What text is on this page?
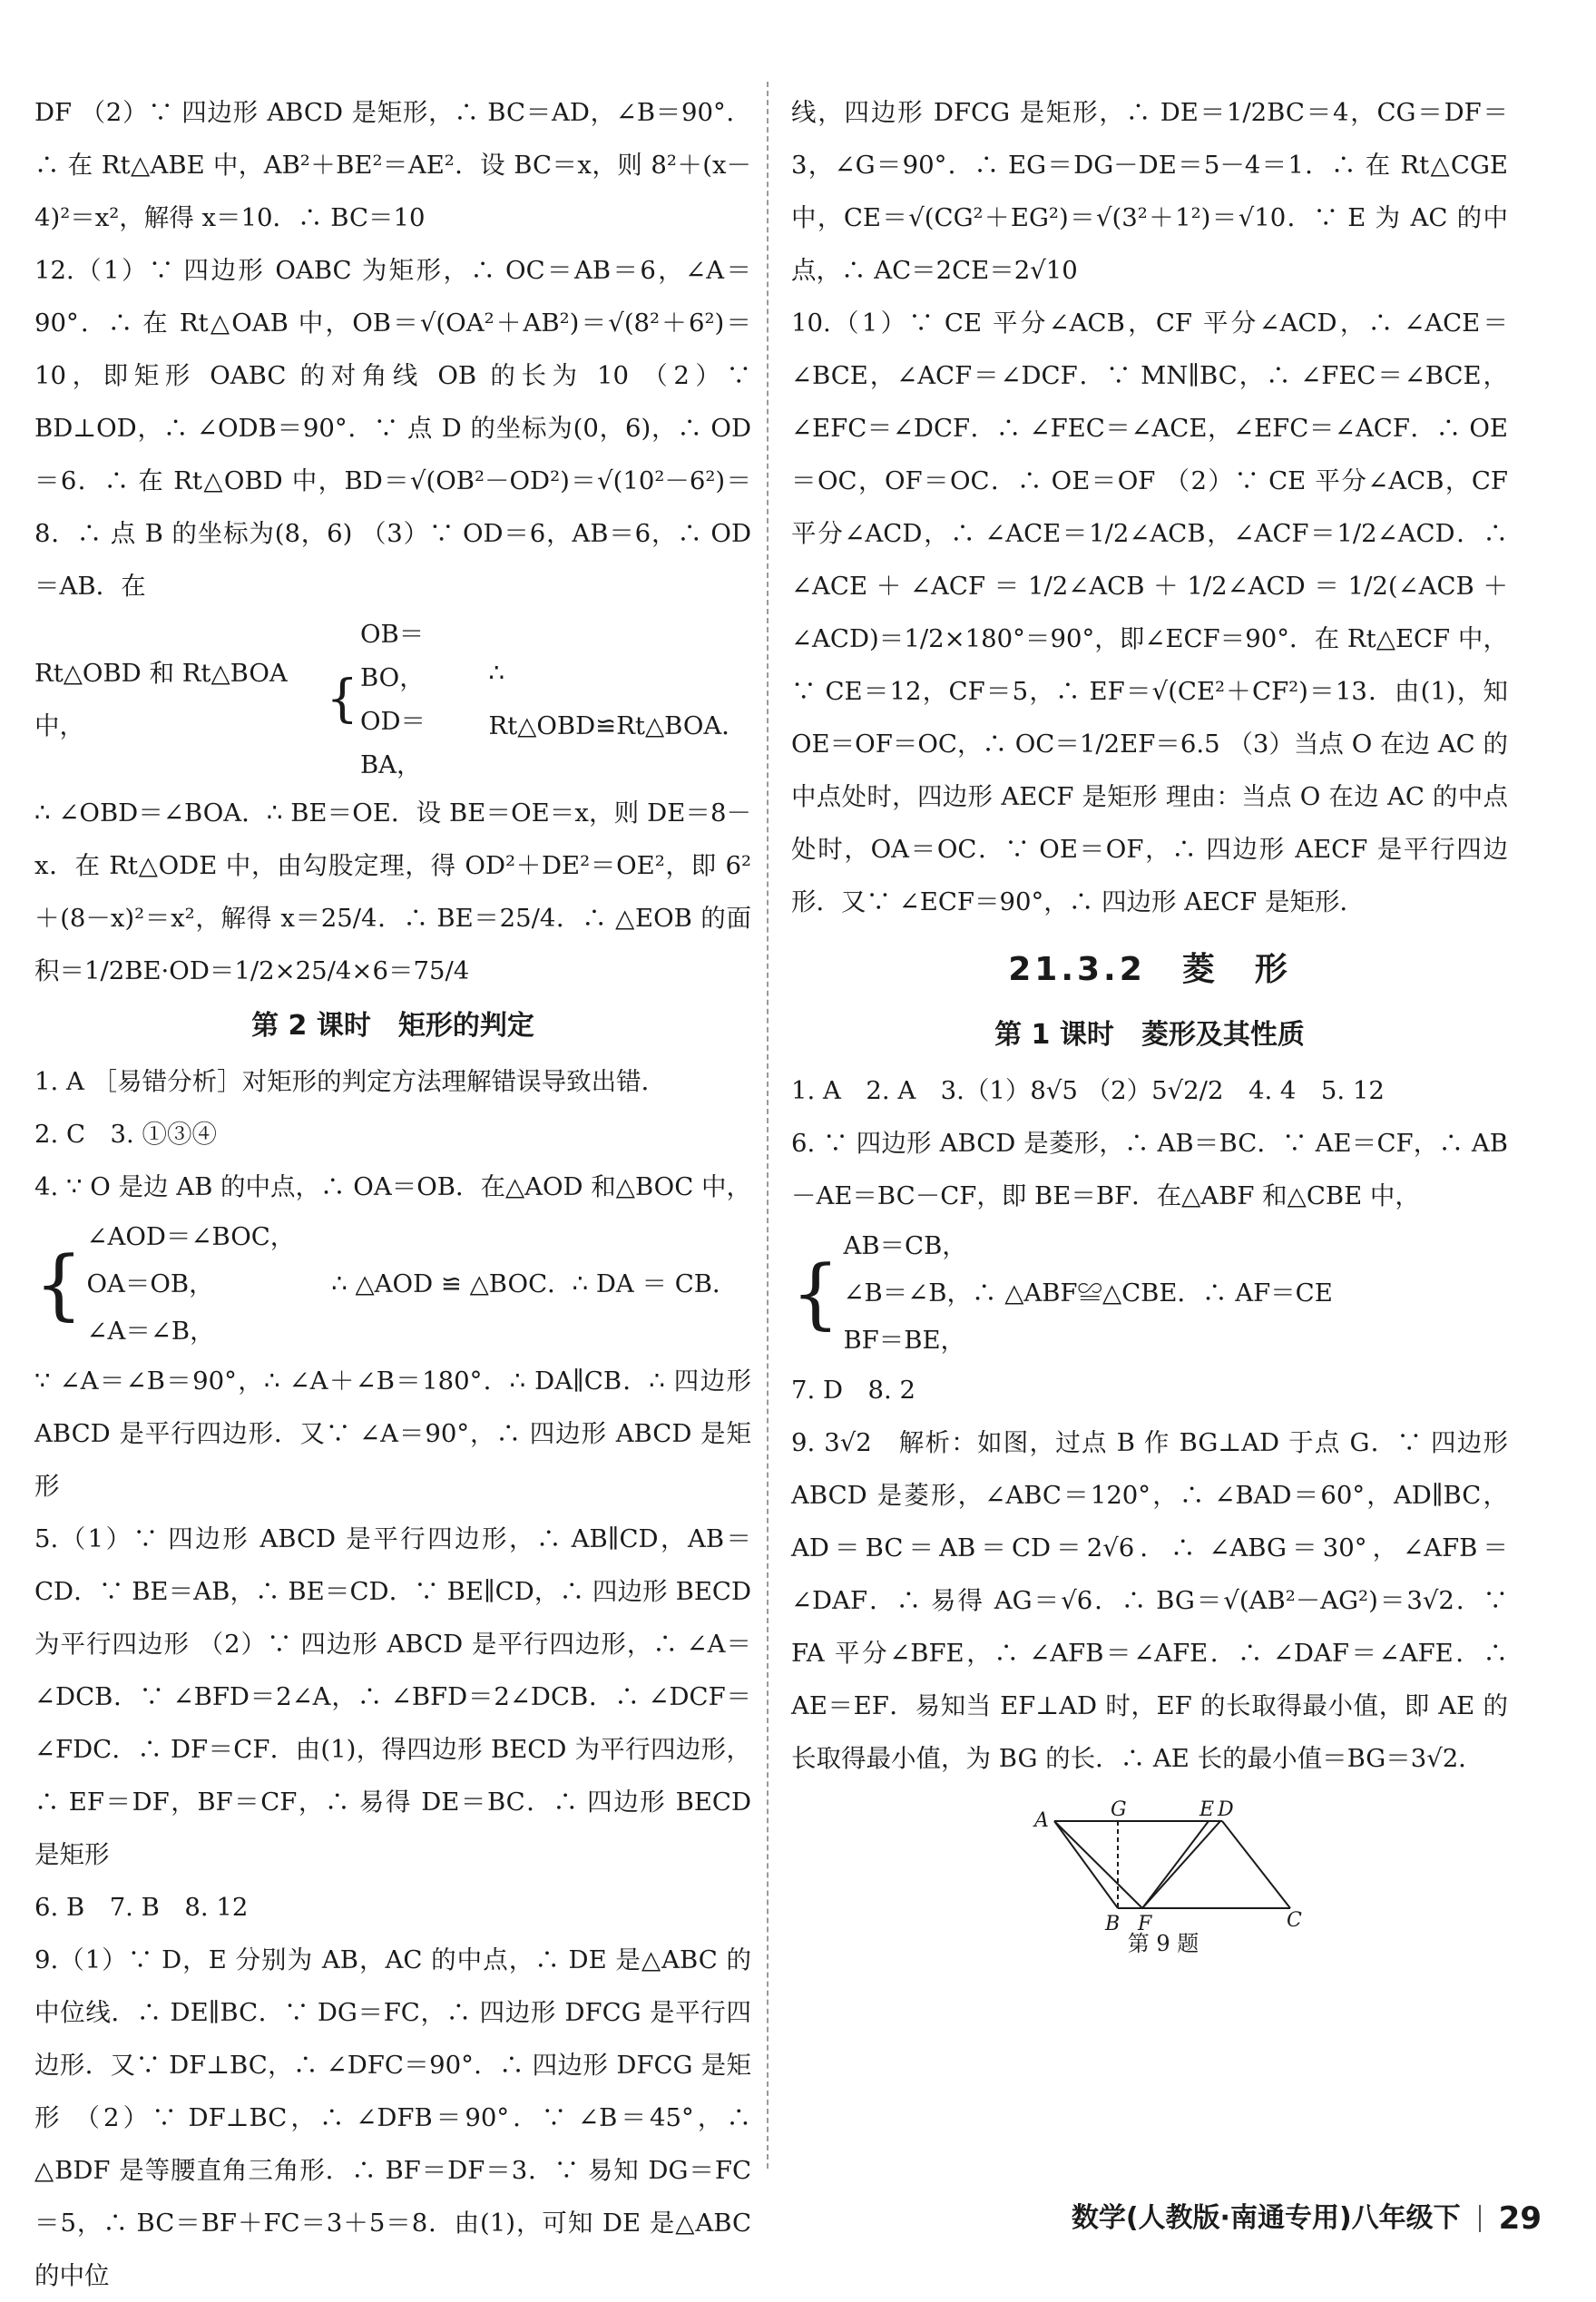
DF （2）∵ 四边形 ABCD 是矩形，∴ BC＝AD，∠B＝90°．∴ 在 Rt△ABE 中，AB²＋BE²＝AE²．设 BC＝x，则 8²＋(x－4)²＝x²，解得 x＝10．∴ BC＝10

12.（1）∵ 四边形 OABC 为矩形，∴ OC＝AB＝6，∠A＝90°．∴ 在 Rt△OAB 中，OB＝√(OA²＋AB²)＝√(8²＋6²)＝10，即矩形 OABC 的对角线 OB 的长为 10 （2）∵ BD⊥OD，∴ ∠ODB＝90°．∵ 点 D 的坐标为(0，6)，∴ OD＝6．∴ 在 Rt△OBD 中，BD＝√(OB²－OD²)＝√(10²－6²)＝8．∴ 点 B 的坐标为(8，6) （3）∵ OD＝6，AB＝6，∴ OD＝AB．在

Rt△OBD 和 Rt△BOA 中，	{
OB＝BO，
OD＝BA，
∴ Rt△OBD≌Rt△BOA．

∴ ∠OBD＝∠BOA．∴ BE＝OE．设 BE＝OE＝x，则 DE＝8－x．在 Rt△ODE 中，由勾股定理，得 OD²＋DE²＝OE²，即 6²＋(8－x)²＝x²，解得 x＝25/4．∴ BE＝25/4．∴ △EOB 的面积＝1/2BE·OD＝1/2×25/4×6＝75/4

第 2 课时　矩形的判定

1. A ［易错分析］对矩形的判定方法理解错误导致出错．

2. C　3. ①③④

4. ∵ O 是边 AB 的中点，∴ OA＝OB．在△AOD 和△BOC 中，

{
∠AOD＝∠BOC，
OA＝OB，
∠A＝∠B，
∴ △AOD ≌ △BOC．∴ DA ＝ CB．

∵ ∠A＝∠B＝90°，∴ ∠A＋∠B＝180°．∴ DA∥CB．∴ 四边形 ABCD 是平行四边形．又∵ ∠A＝90°，∴ 四边形 ABCD 是矩形

5.（1）∵ 四边形 ABCD 是平行四边形，∴ AB∥CD，AB＝CD．∵ BE＝AB，∴ BE＝CD．∵ BE∥CD，∴ 四边形 BECD 为平行四边形 （2）∵ 四边形 ABCD 是平行四边形，∴ ∠A＝∠DCB．∵ ∠BFD＝2∠A，∴ ∠BFD＝2∠DCB．∴ ∠DCF＝∠FDC．∴ DF＝CF．由(1)，得四边形 BECD 为平行四边形，∴ EF＝DF，BF＝CF，∴ 易得 DE＝BC．∴ 四边形 BECD 是矩形

6. B　7. B　8. 12

9.（1）∵ D，E 分别为 AB，AC 的中点，∴ DE 是△ABC 的中位线．∴ DE∥BC．∵ DG＝FC，∴ 四边形 DFCG 是平行四边形．又∵ DF⊥BC，∴ ∠DFC＝90°．∴ 四边形 DFCG 是矩形 （2）∵ DF⊥BC，∴ ∠DFB＝90°．∵ ∠B＝45°，∴ △BDF 是等腰直角三角形．∴ BF＝DF＝3．∵ 易知 DG＝FC＝5，∴ BC＝BF＋FC＝3＋5＝8．由(1)，可知 DE 是△ABC 的中位

线，四边形 DFCG 是矩形，∴ DE＝1/2BC＝4，CG＝DF＝3，∠G＝90°．∴ EG＝DG－DE＝5－4＝1．∴ 在 Rt△CGE 中，CE＝√(CG²＋EG²)＝√(3²＋1²)＝√10．∵ E 为 AC 的中点，∴ AC＝2CE＝2√10

10.（1）∵ CE 平分∠ACB，CF 平分∠ACD，∴ ∠ACE＝∠BCE，∠ACF＝∠DCF．∵ MN∥BC，∴ ∠FEC＝∠BCE，∠EFC＝∠DCF．∴ ∠FEC＝∠ACE，∠EFC＝∠ACF．∴ OE＝OC，OF＝OC．∴ OE＝OF （2）∵ CE 平分∠ACB，CF 平分∠ACD，∴ ∠ACE＝1/2∠ACB，∠ACF＝1/2∠ACD．∴ ∠ACE＋∠ACF＝1/2∠ACB＋1/2∠ACD＝1/2(∠ACB＋∠ACD)＝1/2×180°＝90°，即∠ECF＝90°．在 Rt△ECF 中，∵ CE＝12，CF＝5，∴ EF＝√(CE²＋CF²)＝13．由(1)，知 OE＝OF＝OC，∴ OC＝1/2EF＝6.5 （3）当点 O 在边 AC 的中点处时，四边形 AECF 是矩形 理由：当点 O 在边 AC 的中点处时，OA＝OC．∵ OE＝OF，∴ 四边形 AECF 是平行四边形．又∵ ∠ECF＝90°，∴ 四边形 AECF 是矩形．

21.3.2　菱　形
第 1 课时　菱形及其性质

1. A　2. A　3.（1）8√5 （2）5√2/2　4. 4　5. 12

6. ∵ 四边形 ABCD 是菱形，∴ AB＝BC．∵ AE＝CF，∴ AB－AE＝BC－CF，即 BE＝BF．在△ABF 和△CBE 中，

{
AB＝CB，
∠B＝∠B，∴ △ABF≌△CBE．∴ AF＝CE
BF＝BE，

7. D　8. 2

9. 3√2　解析：如图，过点 B 作 BG⊥AD 于点 G．∵ 四边形 ABCD 是菱形，∠ABC＝120°，∴ ∠BAD＝60°，AD∥BC，AD＝BC＝AB＝CD＝2√6．∴ ∠ABG＝30°，∠AFB＝∠DAF．∴ 易得 AG＝√6．∴ BG＝√(AB²－AG²)＝3√2．∵ FA 平分∠BFE，∴ ∠AFB＝∠AFE．∴ ∠DAF＝∠AFE．∴ AE＝EF．易知当 EF⊥AD 时，EF 的长取得最小值，即 AE 的长取得最小值，为 BG 的长．∴ AE 长的最小值＝BG＝3√2．

A	G	E D
B F	C
第 9 题
数学(人教版·南通专用)八年级下 29
